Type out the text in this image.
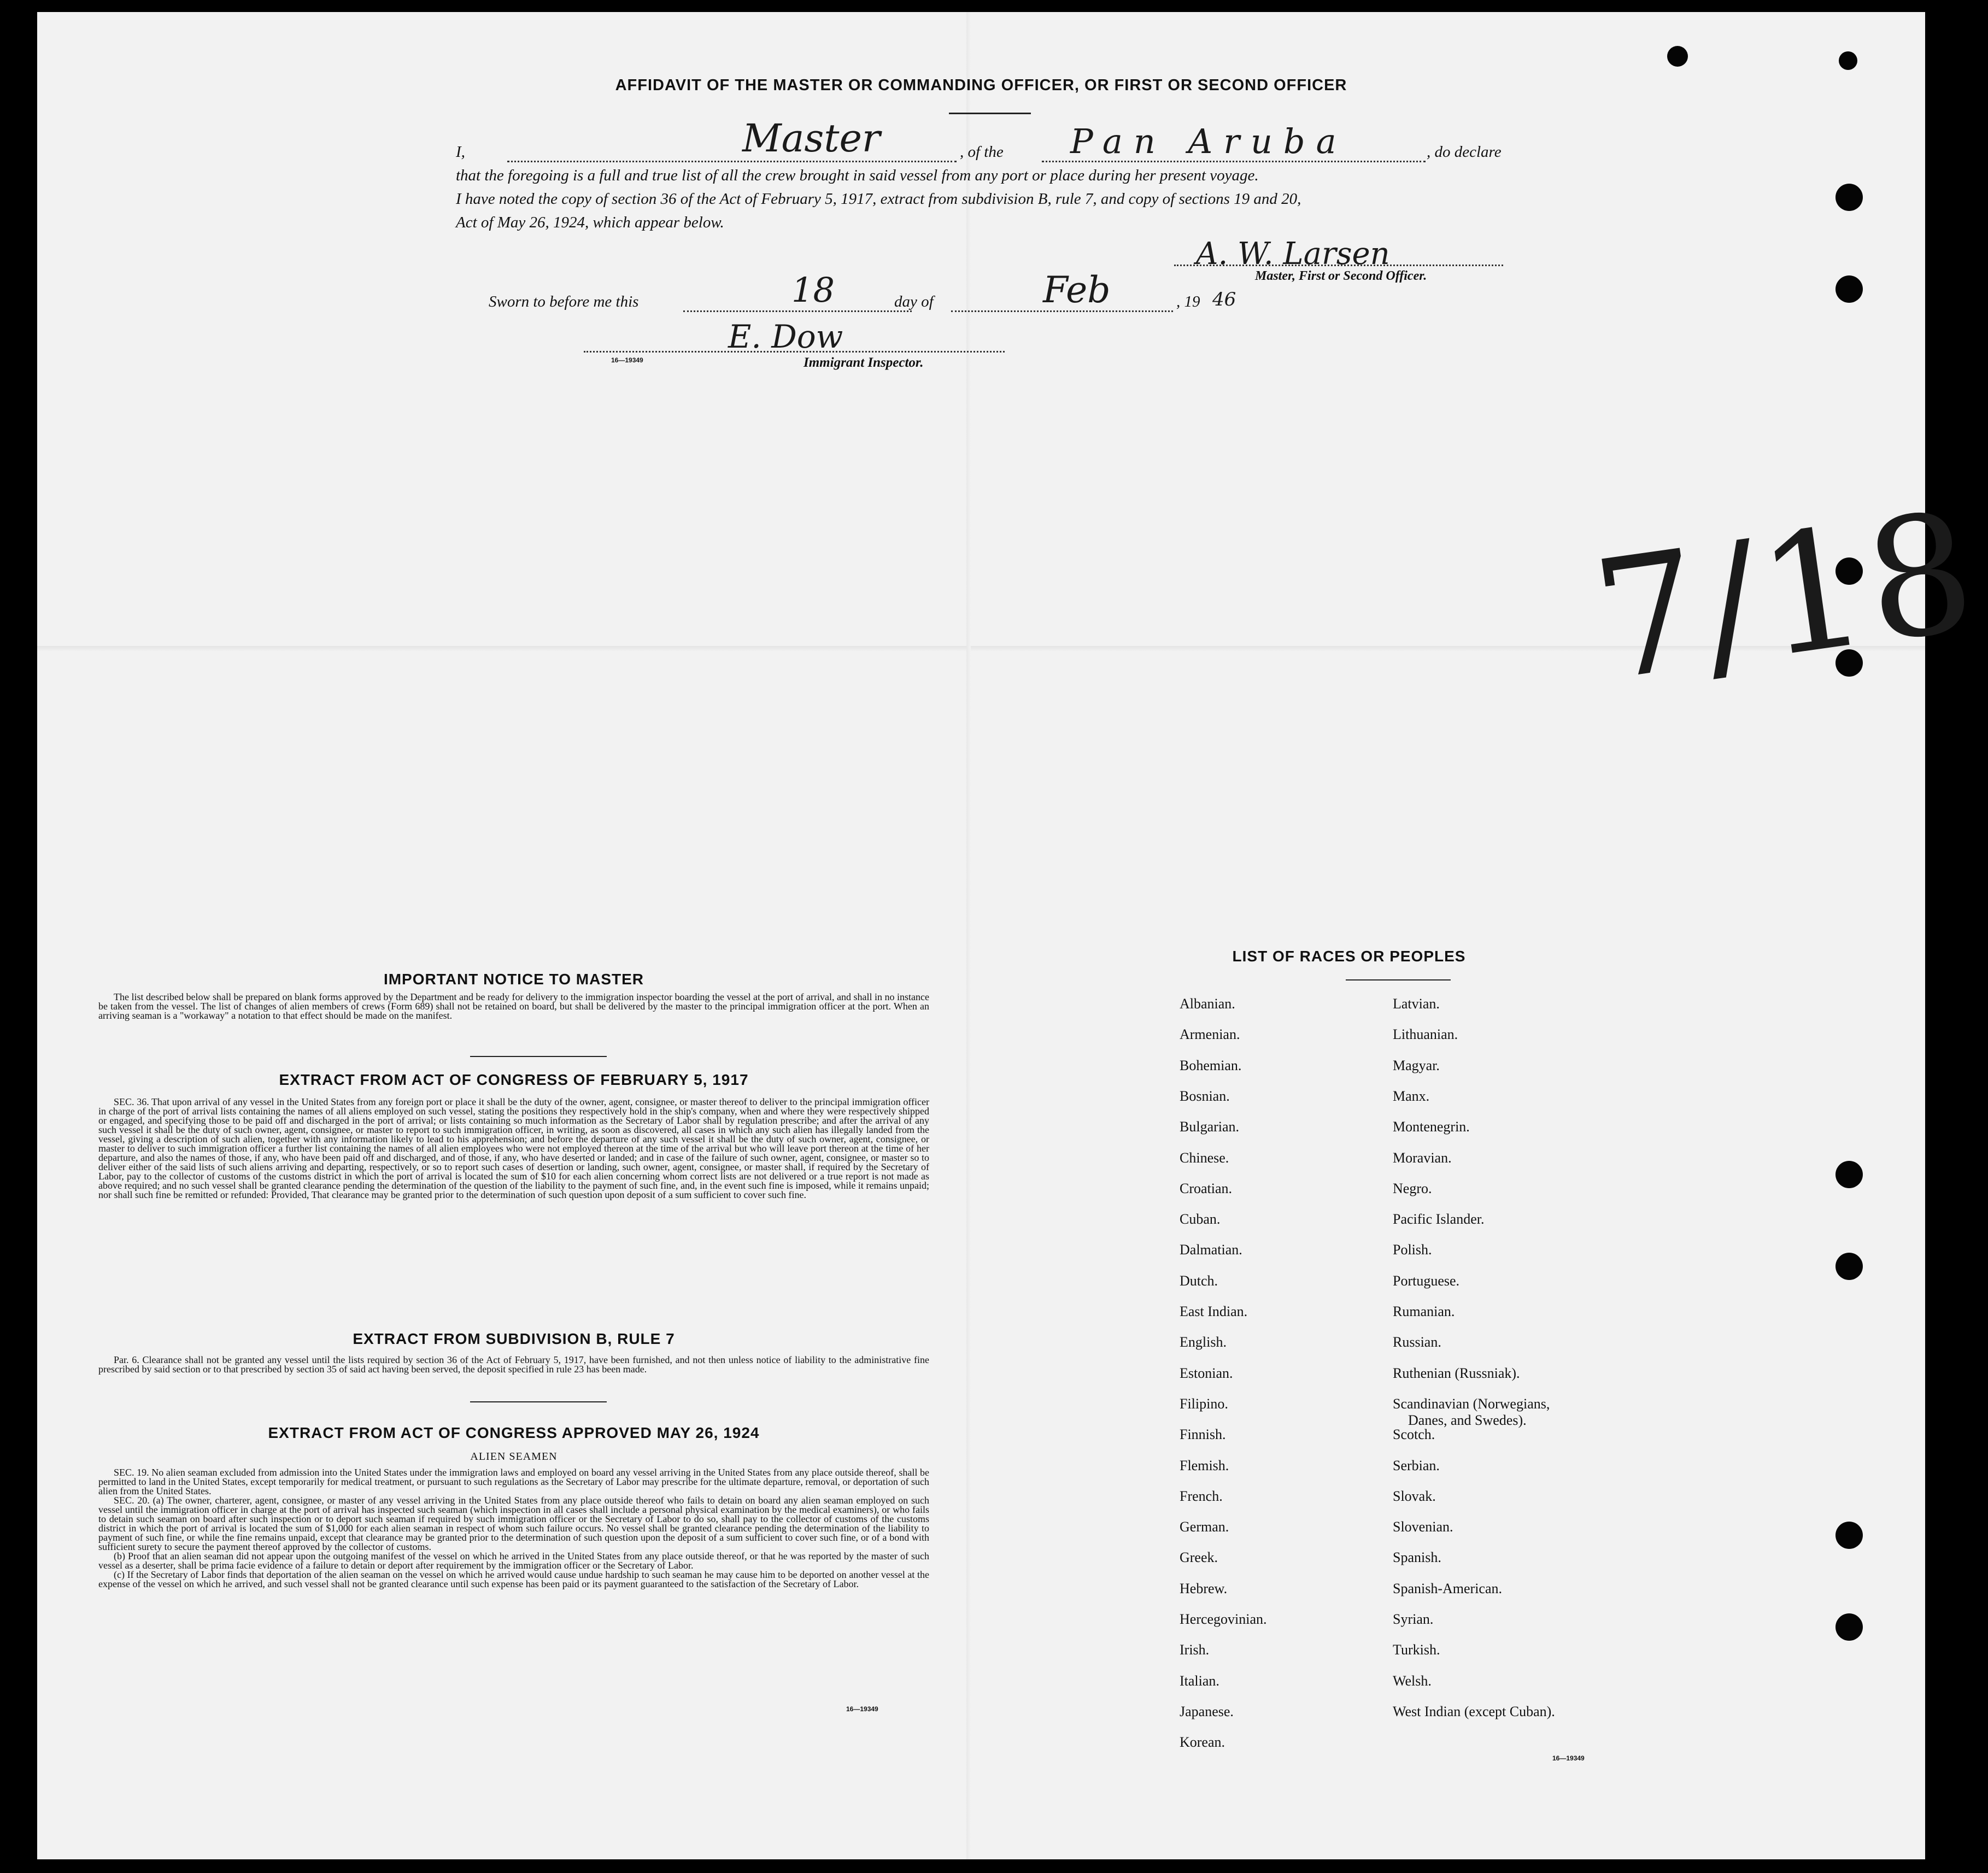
AFFIDAVIT OF THE MASTER OR COMMANDING OFFICER, OR FIRST OR SECOND OFFICER
I,	Master	, of the Pan Aruba	, do declare
that the foregoing is a full and true list of all the crew brought in said vessel from any port or place during her present voyage.
I have noted the copy of section 36 of the Act of February 5, 1917, extract from subdivision B, rule 7, and copy of sections 19 and 20,
Act of May 26, 1924, which appear below.
A. W. Larsen
Master, First or Second Officer.
Sworn to before me this	18	day of	Feb	, 19 46
E. Dow
16—19349	Immigrant Inspector.
7/18
IMPORTANT NOTICE TO MASTER

The list described below shall be prepared on blank forms approved by the Department and be ready for delivery to the immigration inspector boarding the vessel at the port of arrival, and shall in no instance be taken from the vessel. The list of changes of alien members of crews (Form 689) shall not be retained on board, but shall be delivered by the master to the principal immigration officer at the port. When an arriving seaman is a "workaway" a notation to that effect should be made on the manifest.

EXTRACT FROM ACT OF CONGRESS OF FEBRUARY 5, 1917

SEC. 36. That upon arrival of any vessel in the United States from any foreign port or place it shall be the duty of the owner, agent, consignee, or master thereof to deliver to the principal immigration officer in charge of the port of arrival lists containing the names of all aliens employed on such vessel, stating the positions they respectively hold in the ship's company, when and where they were respectively shipped or engaged, and specifying those to be paid off and discharged in the port of arrival; or lists containing so much information as the Secretary of Labor shall by regulation prescribe; and after the arrival of any such vessel it shall be the duty of such owner, agent, consignee, or master to report to such immigration officer, in writing, as soon as discovered, all cases in which any such alien has illegally landed from the vessel, giving a description of such alien, together with any information likely to lead to his apprehension; and before the departure of any such vessel it shall be the duty of such owner, agent, consignee, or master to deliver to such immigration officer a further list containing the names of all alien employees who were not employed thereon at the time of the arrival but who will leave port thereon at the time of her departure, and also the names of those, if any, who have been paid off and discharged, and of those, if any, who have deserted or landed; and in case of the failure of such owner, agent, consignee, or master so to deliver either of the said lists of such aliens arriving and departing, respectively, or so to report such cases of desertion or landing, such owner, agent, consignee, or master shall, if required by the Secretary of Labor, pay to the collector of customs of the customs district in which the port of arrival is located the sum of $10 for each alien concerning whom correct lists are not delivered or a true report is not made as above required; and no such vessel shall be granted clearance pending the determination of the question of the liability to the payment of such fine, and, in the event such fine is imposed, while it remains unpaid; nor shall such fine be remitted or refunded: Provided, That clearance may be granted prior to the determination of such question upon deposit of a sum sufficient to cover such fine.

EXTRACT FROM SUBDIVISION B, RULE 7

Par. 6. Clearance shall not be granted any vessel until the lists required by section 36 of the Act of February 5, 1917, have been furnished, and not then unless notice of liability to the administrative fine prescribed by said section or to that prescribed by section 35 of said act having been served, the deposit specified in rule 23 has been made.

EXTRACT FROM ACT OF CONGRESS APPROVED MAY 26, 1924
ALIEN SEAMEN

SEC. 19. No alien seaman excluded from admission into the United States under the immigration laws and employed on board any vessel arriving in the United States from any place outside thereof, shall be permitted to land in the United States, except temporarily for medical treatment, or pursuant to such regulations as the Secretary of Labor may prescribe for the ultimate departure, removal, or deportation of such alien from the United States.

SEC. 20. (a) The owner, charterer, agent, consignee, or master of any vessel arriving in the United States from any place outside thereof who fails to detain on board any alien seaman employed on such vessel until the immigration officer in charge at the port of arrival has inspected such seaman (which inspection in all cases shall include a personal physical examination by the medical examiners), or who fails to detain such seaman on board after such inspection or to deport such seaman if required by such immigration officer or the Secretary of Labor to do so, shall pay to the collector of customs of the customs district in which the port of arrival is located the sum of $1,000 for each alien seaman in respect of whom such failure occurs. No vessel shall be granted clearance pending the determination of the liability to payment of such fine, or while the fine remains unpaid, except that clearance may be granted prior to the determination of such question upon the deposit of a sum sufficient to cover such fine, or of a bond with sufficient surety to secure the payment thereof approved by the collector of customs.

(b) Proof that an alien seaman did not appear upon the outgoing manifest of the vessel on which he arrived in the United States from any place outside thereof, or that he was reported by the master of such vessel as a deserter, shall be prima facie evidence of a failure to detain or deport after requirement by the immigration officer or the Secretary of Labor.

(c) If the Secretary of Labor finds that deportation of the alien seaman on the vessel on which he arrived would cause undue hardship to such seaman he may cause him to be deported on another vessel at the expense of the vessel on which he arrived, and such vessel shall not be granted clearance until such expense has been paid or its payment guaranteed to the satisfaction of the Secretary of Labor.

16—19349
LIST OF RACES OR PEOPLES
16—19349
Albanian.
Armenian.
Bohemian.
Bosnian.
Bulgarian.
Chinese.
Croatian.
Cuban.
Dalmatian.
Dutch.
East Indian.
English.
Estonian.
Filipino.
Finnish.
Flemish.
French.
German.
Greek.
Hebrew.
Hercegovinian.
Irish.
Italian.
Japanese.
Korean.
Latvian.
Lithuanian.
Magyar.
Manx.
Montenegrin.
Moravian.
Negro.
Pacific Islander.
Polish.
Portuguese.
Rumanian.
Russian.
Ruthenian (Russniak).
Scandinavian (Norwegians,
Danes, and Swedes).
Scotch.
Serbian.
Slovak.
Slovenian.
Spanish.
Spanish-American.
Syrian.
Turkish.
Welsh.
West Indian (except Cuban).
